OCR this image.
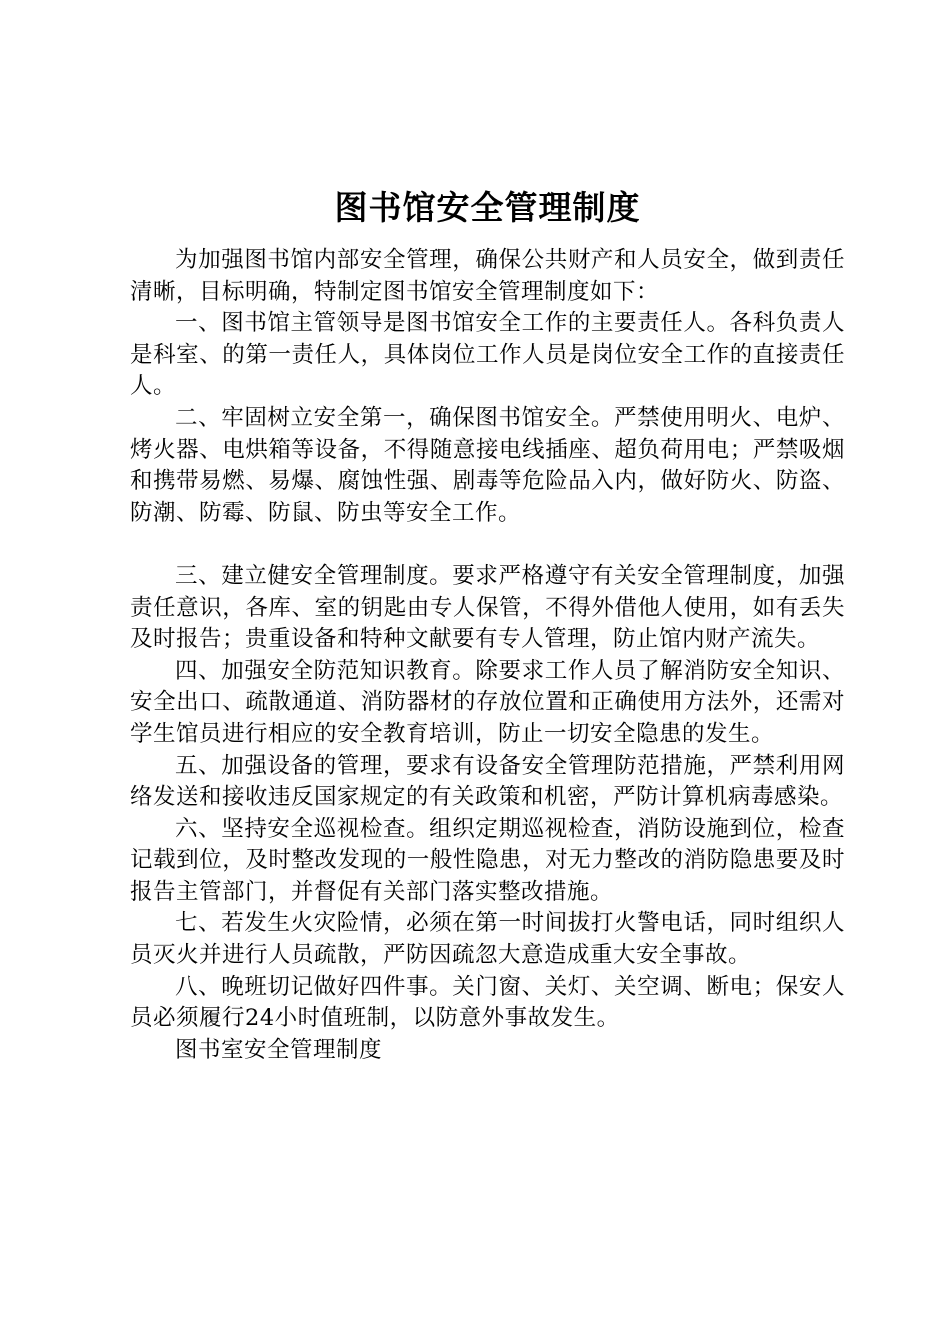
图书馆安全管理制度

为加强图书馆内部安全管理，确保公共财产和人员安全，做到责任清晰，目标明确，特制定图书馆安全管理制度如下：

一、图书馆主管领导是图书馆安全工作的主要责任人。各科负责人是科室、的第一责任人，具体岗位工作人员是岗位安全工作的直接责任人。

二、牢固树立安全第一，确保图书馆安全。严禁使用明火、电炉、烤火器、电烘箱等设备，不得随意接电线插座、超负荷用电；严禁吸烟和携带易燃、易爆、腐蚀性强、剧毒等危险品入内，做好防火、防盗、防潮、防霉、防鼠、防虫等安全工作。

三、建立健安全管理制度。要求严格遵守有关安全管理制度，加强责任意识，各库、室的钥匙由专人保管，不得外借他人使用，如有丢失及时报告；贵重设备和特种文献要有专人管理，防止馆内财产流失。

四、加强安全防范知识教育。除要求工作人员了解消防安全知识、安全出口、疏散通道、消防器材的存放位置和正确使用方法外，还需对学生馆员进行相应的安全教育培训，防止一切安全隐患的发生。

五、加强设备的管理，要求有设备安全管理防范措施，严禁利用网络发送和接收违反国家规定的有关政策和机密，严防计算机病毒感染。

六、坚持安全巡视检查。组织定期巡视检查，消防设施到位，检查记载到位，及时整改发现的一般性隐患，对无力整改的消防隐患要及时报告主管部门，并督促有关部门落实整改措施。

七、若发生火灾险情，必须在第一时间拔打火警电话，同时组织人员灭火并进行人员疏散，严防因疏忽大意造成重大安全事故。

八、晚班切记做好四件事。关门窗、关灯、关空调、断电；保安人员必须履行24小时值班制，以防意外事故发生。

图书室安全管理制度
